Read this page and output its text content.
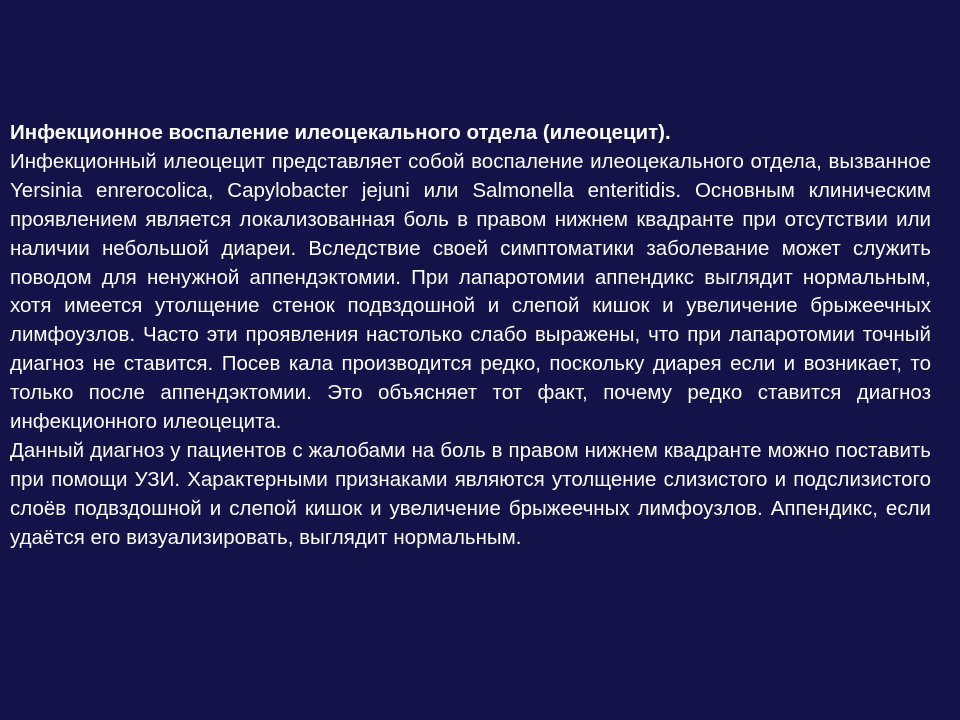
Инфекционное воспаление илеоцекального отдела (илеоцецит).

Инфекционный илеоцецит представляет собой воспаление илеоцекального отдела, вызванное Yersinia enrerocolica, Capylobacter jejuni или Salmonella enteritidis. Основным клиническим проявлением является локализованная боль в правом нижнем квадранте при отсутствии или наличии небольшой диареи. Вследствие своей симптоматики заболевание может служить поводом для ненужной аппендэктомии. При лапаротомии аппендикс выглядит нормальным, хотя имеется утолщение стенок подвздошной и слепой кишок и увеличение брыжеечных лимфоузлов. Часто эти проявления настолько слабо выражены, что при лапаротомии точный диагноз не ставится. Посев кала производится редко, поскольку диарея если и возникает, то только после аппендэктомии. Это объясняет тот факт, почему редко ставится диагноз инфекционного илеоцецита.

Данный диагноз у пациентов с жалобами на боль в правом нижнем квадранте можно поставить при помощи УЗИ. Характерными признаками являются утолщение слизистого и подслизистого слоёв подвздошной и слепой кишок и увеличение брыжеечных лимфоузлов. Аппендикс, если удаётся его визуализировать, выглядит нормальным.
